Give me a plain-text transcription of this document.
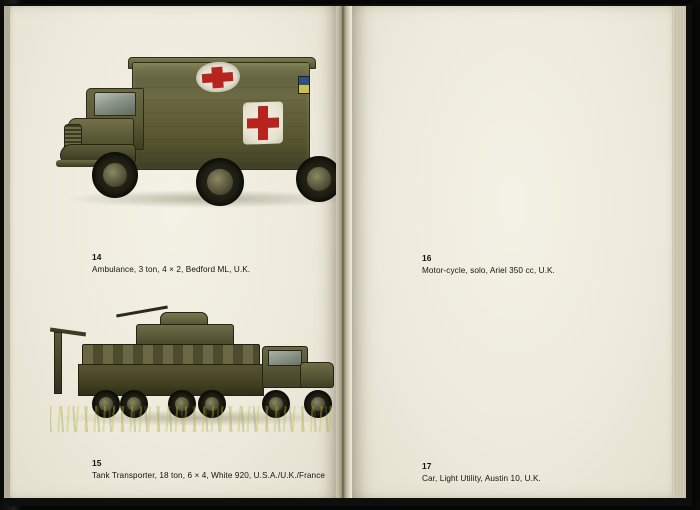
14
Ambulance, 3 ton, 4 × 2, Bedford ML, U.K.
15
Tank Transporter, 18 ton, 6 × 4, White 920, U.S.A./U.K./France
16
Motor-cycle, solo, Ariel 350 cc, U.K.
17
Car, Light Utility, Austin 10, U.K.
